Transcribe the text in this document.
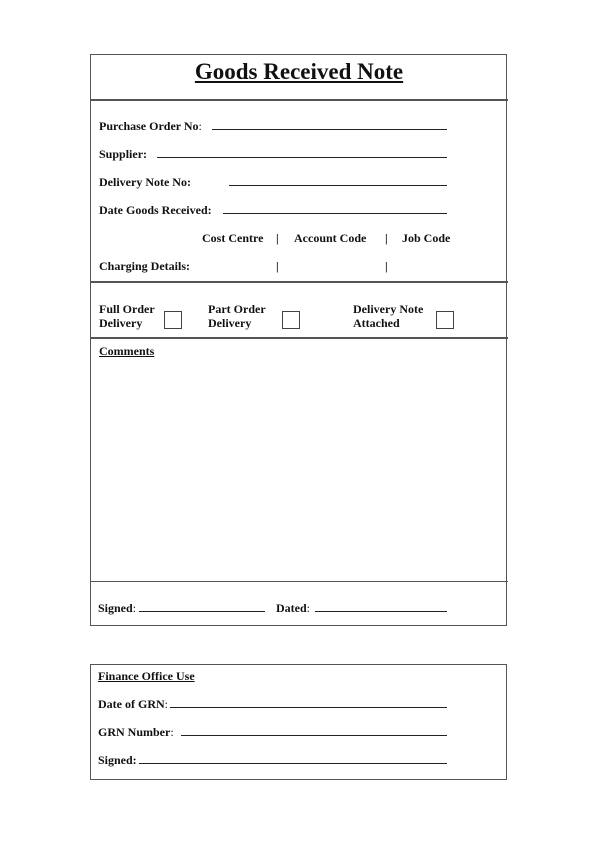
Goods Received Note
Purchase Order No:
Supplier:
Delivery Note No:
Date Goods Received:
Cost Centre | Account Code | Job Code
Charging Details:	|	|
Full Order
Delivery
Part Order
Delivery
Delivery Note
Attached
Comments
Signed:	Dated:
Finance Office Use
Date of GRN:
GRN Number:
Signed:
